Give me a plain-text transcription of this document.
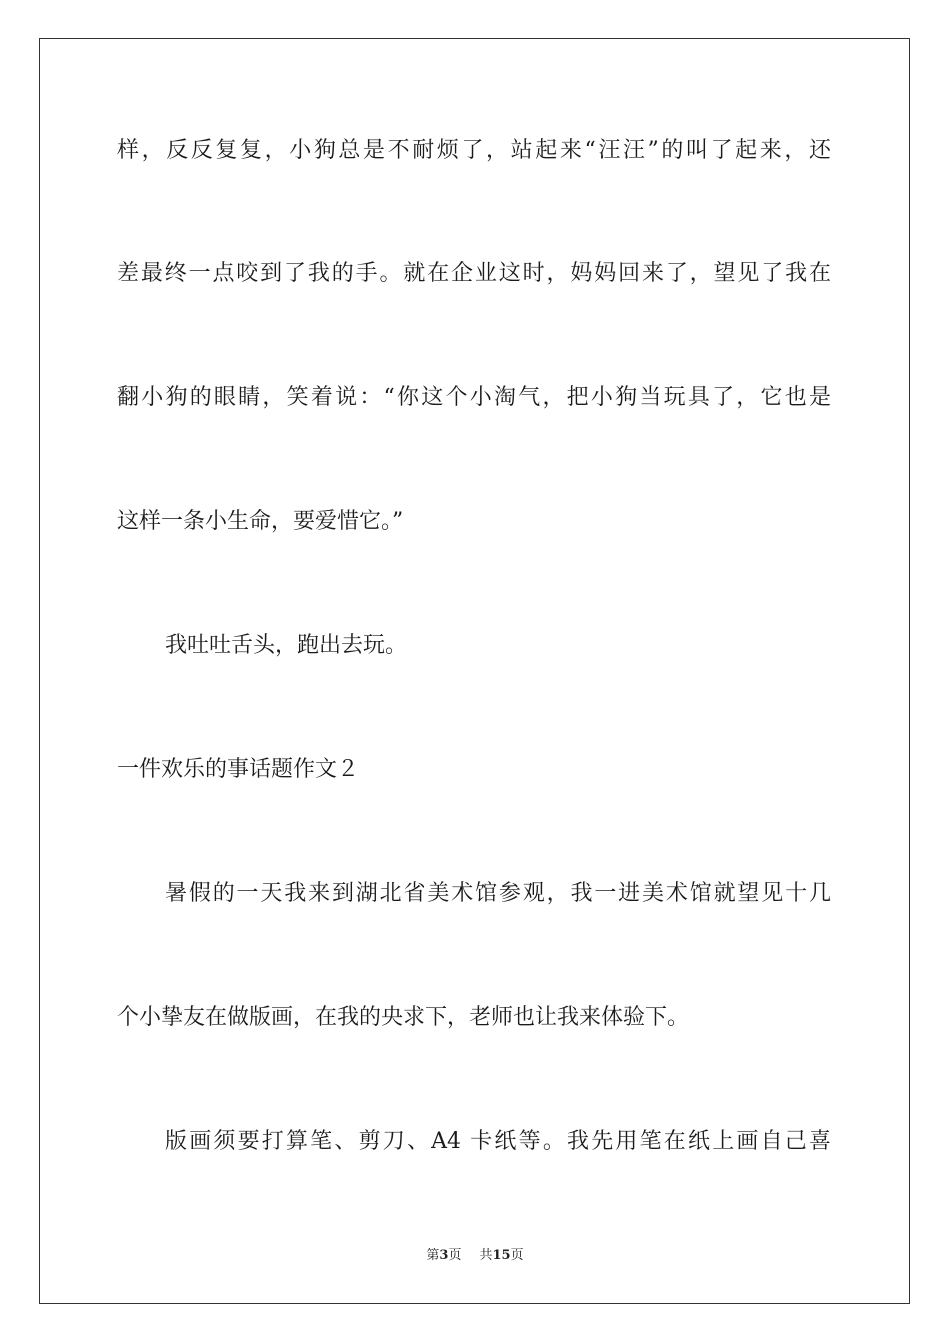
样，反反复复，小狗总是不耐烦了，站起来“汪汪”的叫了起来，还
差最终一点咬到了我的手。就在企业这时，妈妈回来了，望见了我在
翻小狗的眼睛，笑着说：“你这个小淘气，把小狗当玩具了，它也是
这样一条小生命，要爱惜它。”
我吐吐舌头，跑出去玩。
一件欢乐的事话题作文２
暑假的一天我来到湖北省美术馆参观，我一进美术馆就望见十几
个小挚友在做版画，在我的央求下，老师也让我来体验下。
版画须要打算笔、剪刀、A4 卡纸等。我先用笔在纸上画自己喜
第3页 共15页
